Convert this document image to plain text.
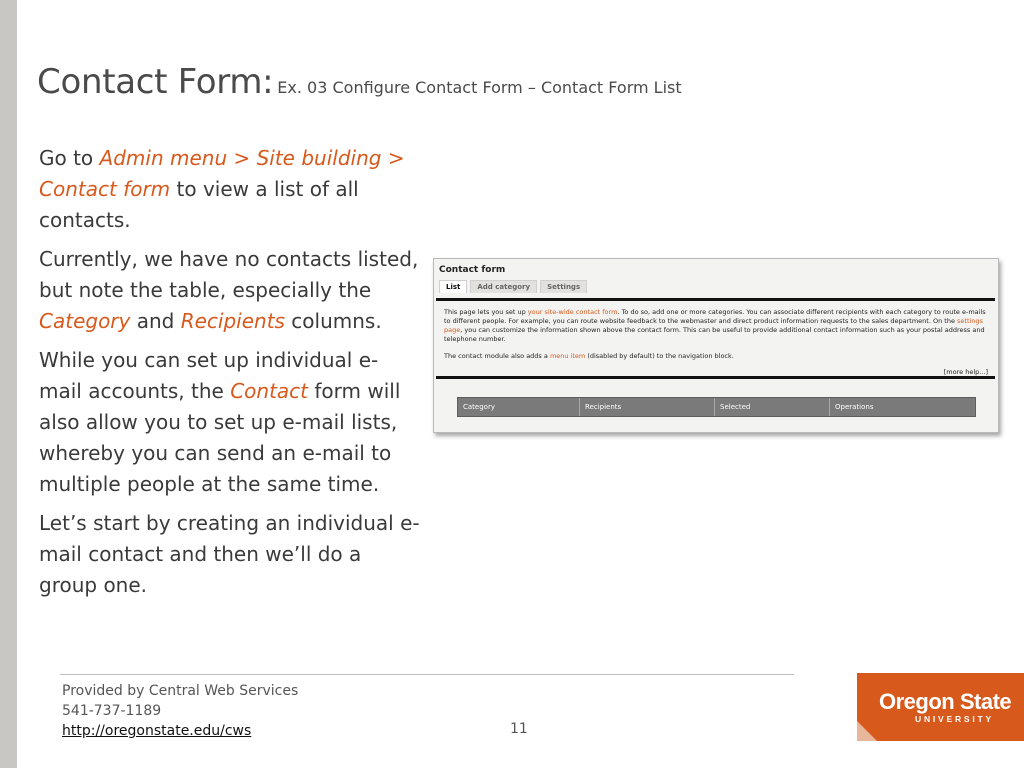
Contact Form: Ex. 03 Configure Contact Form – Contact Form List

Go to Admin menu > Site building > Contact form to view a list of all contacts.

Currently, we have no contacts listed, but note the table, especially the Category and Recipients columns.

While you can set up individual e-mail accounts, the Contact form will also allow you to set up e-mail lists, whereby you can send an e-mail to multiple people at the same time.

Let’s start by creating an individual e-mail contact and then we’ll do a group one.

Contact form
List	Add category	Settings
This page lets you set up your site-wide contact form. To do so, add one or more categories. You can associate different recipients with each category to route e-mails to different people. For example, you can route website feedback to the webmaster and direct product information requests to the sales department. On the settings page, you can customize the information shown above the contact form. This can be useful to provide additional contact information such as your postal address and telephone number.
The contact module also adds a menu item (disabled by default) to the navigation block.
[more help...]
Category	Recipients	Selected	Operations
Provided by Central Web Services
541-737-1189
http://oregonstate.edu/cws	11
Oregon State
UNIVERSITY
